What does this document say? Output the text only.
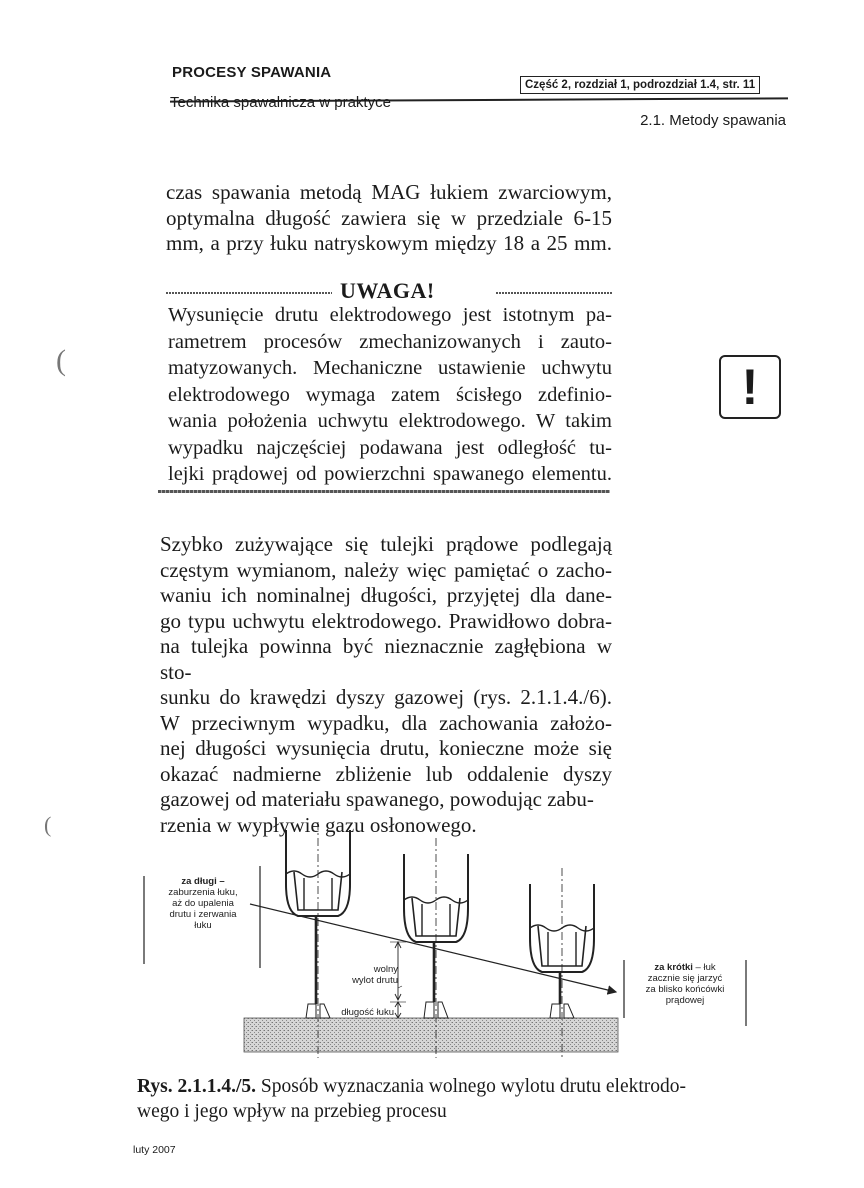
PROCESY SPAWANIA
Część 2, rozdział 1, podrozdział 1.4, str. 11
Technika spawalnicza w praktyce
2.1. Metody spawania
czas spawania metodą MAG łukiem zwarciowym,
optymalna długość zawiera się w przedziale 6-15
mm, a przy łuku natryskowym między 18 a 25 mm.
UWAGA!
Wysunięcie drutu elektrodowego jest istotnym pa-
rametrem procesów zmechanizowanych i zauto-
matyzowanych. Mechaniczne ustawienie uchwytu
elektrodowego wymaga zatem ścisłego zdefinio-
wania położenia uchwytu elektrodowego. W takim
wypadku najczęściej podawana jest odległość tu-
lejki prądowej od powierzchni spawanego elementu.
!
(
(
Szybko zużywające się tulejki prądowe podlegają
częstym wymianom, należy więc pamiętać o zacho-
waniu ich nominalnej długości, przyjętej dla dane-
go typu uchwytu elektrodowego. Prawidłowo dobra-
na tulejka powinna być nieznacznie zagłębiona w sto-
sunku do krawędzi dyszy gazowej (rys. 2.1.1.4./6).
W przeciwnym wypadku, dla zachowania założo-
nej długości wysunięcia drutu, konieczne może się
okazać nadmierne zbliżenie lub oddalenie dyszy
gazowej od materiału spawanego, powodując zabu-
rzenia w wypływie gazu osłonowego.
za długi –
zaburzenia łuku,
aż do upalenia
drutu i zerwania
łuku
wolny
wylot drutu
długość łuku
za krótki – łuk
zacznie się jarzyć
za blisko końcówki
prądowej
Rys. 2.1.1.4./5. Sposób wyznaczania wolnego wylotu drutu elektrodo-
wego i jego wpływ na przebieg procesu
luty 2007
